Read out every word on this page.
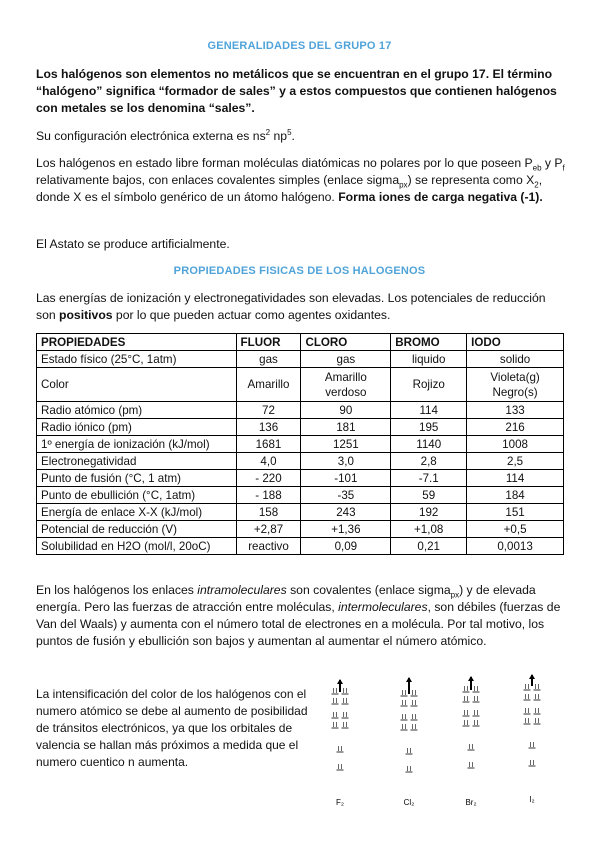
GENERALIDADES DEL GRUPO 17
Los halógenos son elementos no metálicos que se encuentran en el grupo 17. El término “halógeno” significa “formador de sales” y a estos compuestos que contienen halógenos con metales se los denomina “sales”.
Su configuración electrónica externa es $ns^2$ $np^5$.
Los halógenos en estado libre forman moléculas diatómicas no polares por lo que poseen $P_{eb}$ y $P_f$ relativamente bajos, con enlaces covalentes simples (enlace sigma$_{px}$) se representa como $X_2$, donde X es el símbolo genérico de un átomo halógeno. Forma iones de carga negativa (-1).
El Astato se produce artificialmente.
PROPIEDADES FISICAS DE LOS HALOGENOS
Las energías de ionización y electronegatividades son elevadas. Los potenciales de reducción son positivos por lo que pueden actuar como agentes oxidantes.
PROPIEDADES	FLUOR	CLORO	BROMO	IODO
Estado físico (25°C, 1atm)	gas	gas	liquido	solido
Color	Amarillo	Amarillo verdoso	Rojizo	Violeta(g) Negro(s)
Radio atómico (pm)	72	90	114	133
Radio iónico (pm)	136	181	195	216
1º energía de ionización (kJ/mol)	1681	1251	1140	1008
Electronegatividad	4,0	3,0	2,8	2,5
Punto de fusión (°C, 1 atm)	- 220	-101	-7.1	114
Punto de ebullición (°C, 1atm)	- 188	-35	59	184
Energía de enlace X-X (kJ/mol)	158	243	192	151
Potencial de reducción (V)	+2,87	+1,36	+1,08	+0,5
Solubilidad en H2O (mol/l, 20oC)	reactivo	0,09	0,21	0,0013
En los halógenos los enlaces intramoleculares son covalentes (enlace sigma$_{px}$) y de elevada energía. Pero las fuerzas de atracción entre moléculas, intermoleculares, son débiles (fuerzas de Van del Waals) y aumenta con el número total de electrones en a molécula. Por tal motivo, los puntos de fusión y ebullición son bajos y aumentan al aumentar el número atómico.
La intensificación del color de los halógenos con el numero atómico se debe al aumento de posibilidad de tránsitos electrónicos, ya que los orbitales de valencia se hallan más próximos a medida que el numero cuentico n aumenta.
F₂	Cl₂	Br₂	I₂
